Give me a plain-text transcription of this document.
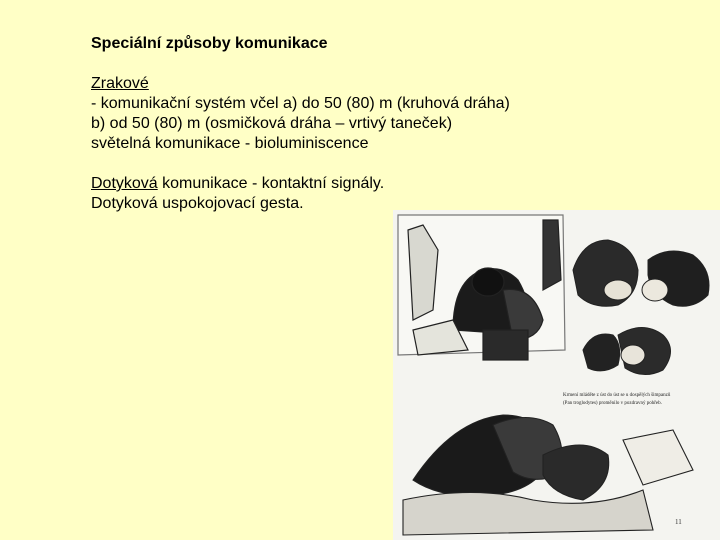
Speciální způsoby komunikace
Zrakové
- komunikační systém včel a) do 50 (80) m (kruhová dráha)
b) od 50 (80) m (osmičková dráha – vrtivý taneček)
světelná komunikace - bioluminiscence
Dotyková komunikace - kontaktní signály.
Dotyková uspokojovací gesta.
Krmení mláděte z úst do úst se u dospělých šimpanzů
(Pan troglodytes) proměnilo v pozdravný pohřeb.
11
